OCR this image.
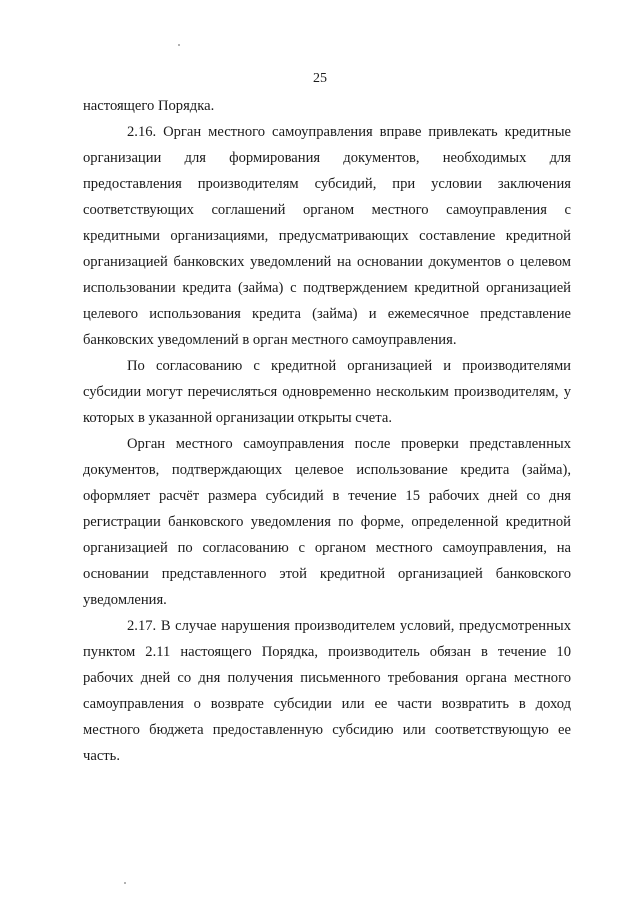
25

настоящего Порядка.

2.16. Орган местного самоуправления вправе привлекать кредитные организации для формирования документов, необходимых для предоставления производителям субсидий, при условии заключения соответствующих соглашений органом местного самоуправления с кредитными организациями, предусматривающих составление кредитной организацией банковских уведомлений на основании документов о целевом использовании кредита (займа) с подтверждением кредитной организацией целевого использования кредита (займа) и ежемесячное представление банковских уведомлений в орган местного самоуправления.

По согласованию с кредитной организацией и производителями субсидии могут перечисляться одновременно нескольким производителям, у которых в указанной организации открыты счета.

Орган местного самоуправления после проверки представленных документов, подтверждающих целевое использование кредита (займа), оформляет расчёт размера субсидий в течение 15 рабочих дней со дня регистрации банковского уведомления по форме, определенной кредитной организацией по согласованию с органом местного самоуправления, на основании представленного этой кредитной организацией банковского уведомления.

2.17. В случае нарушения производителем условий, предусмотренных пунктом 2.11 настоящего Порядка, производитель обязан в течение 10 рабочих дней со дня получения письменного требования органа местного самоуправления о возврате субсидии или ее части возвратить в доход местного бюджета предоставленную субсидию или соответствующую ее часть.
